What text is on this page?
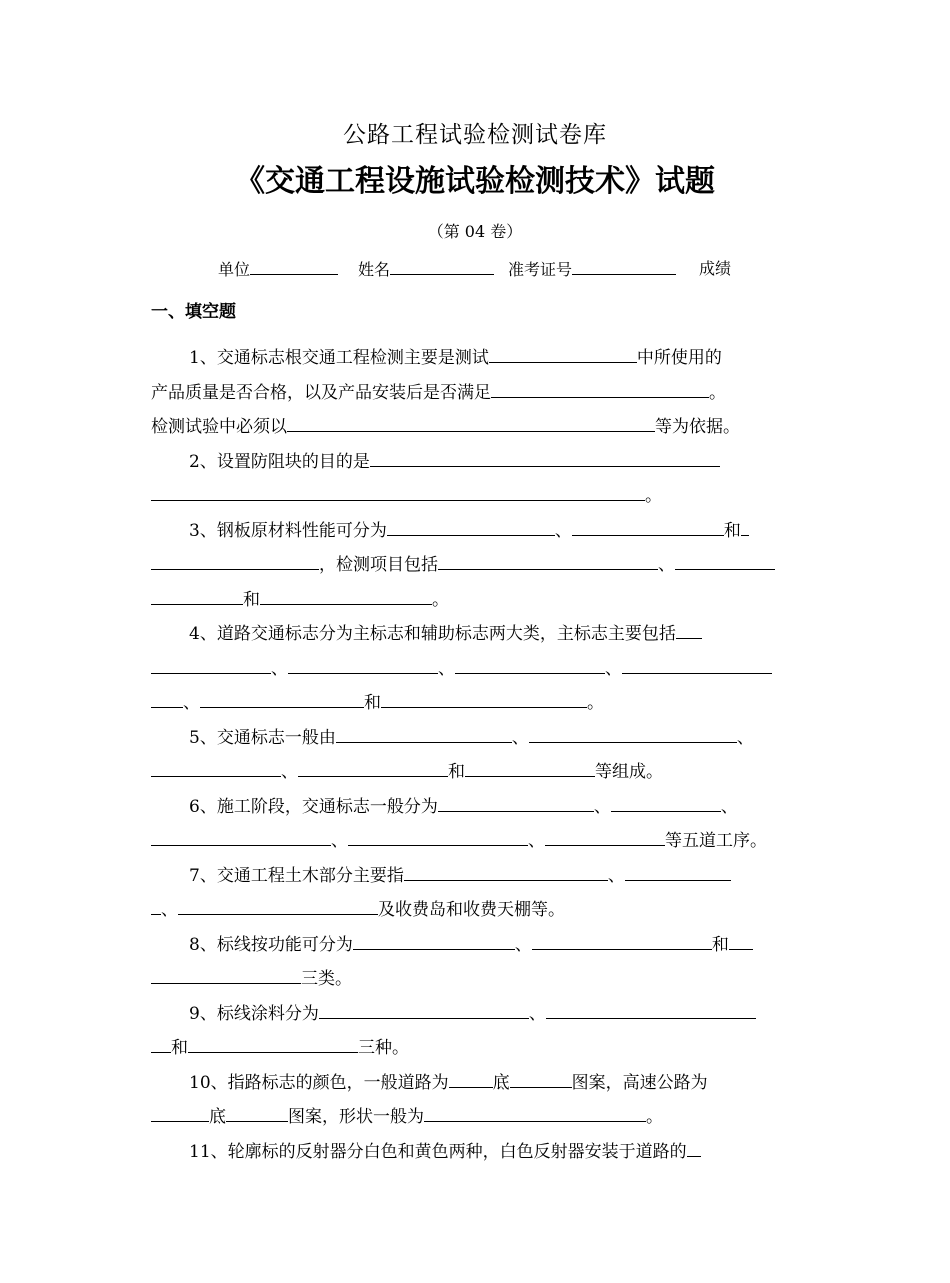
公路工程试验检测试卷库
《交通工程设施试验检测技术》试题
（第 04 卷）
单位	姓名	准考证号	成绩
一、填空题
1、交通标志根交通工程检测主要是测试	中所使用的
产品质量是否合格，以及产品安装后是否满足	。
检测试验中必须以	等为依据。
2、设置防阻块的目的是
。
3、钢板原材料性能可分为	、	和
，检测项目包括	、
和	。
4、道路交通标志分为主标志和辅助标志两大类，主标志主要包括
、	、	、
、	和	。
5、交通标志一般由	、	、
、	和	等组成。
6、施工阶段，交通标志一般分为	、	、
、	、	等五道工序。
7、交通工程土木部分主要指	、
、	及收费岛和收费天棚等。
8、标线按功能可分为	、	和
三类。
9、标线涂料分为	、
和	三种。
10、指路标志的颜色，一般道路为	底	图案，高速公路为
底	图案，形状一般为	。
11、轮廓标的反射器分白色和黄色两种，白色反射器安装于道路的
